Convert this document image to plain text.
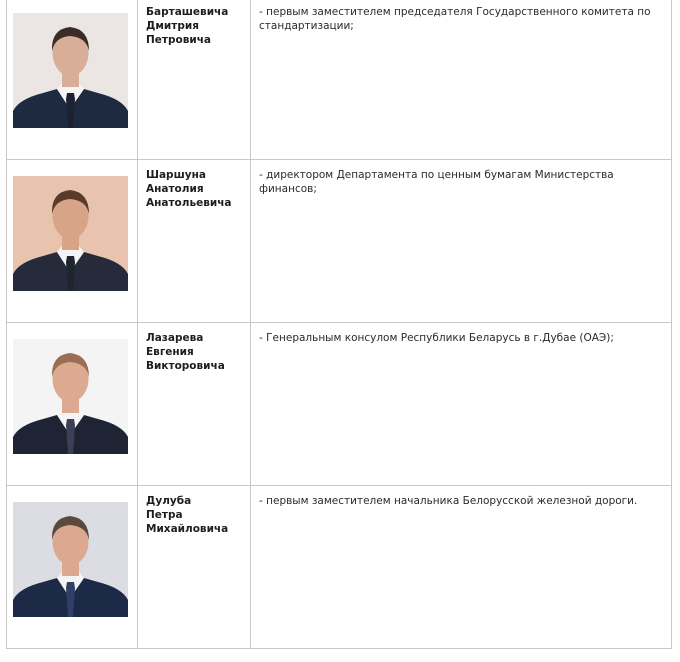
Барташевича
Дмитрия
Петровича	- первым заместителем председателя Государственного комитета по стандартизации;

Шаршуна
Анатолия
Анатольевича	- директором Департамента по ценным бумагам Министерства финансов;

Лазарева
Евгения
Викторовича	- Генеральным консулом Республики Беларусь в г.Дубае (ОАЭ);

Дулуба
Петра
Михайловича	- первым заместителем начальника Белорусской железной дороги.
